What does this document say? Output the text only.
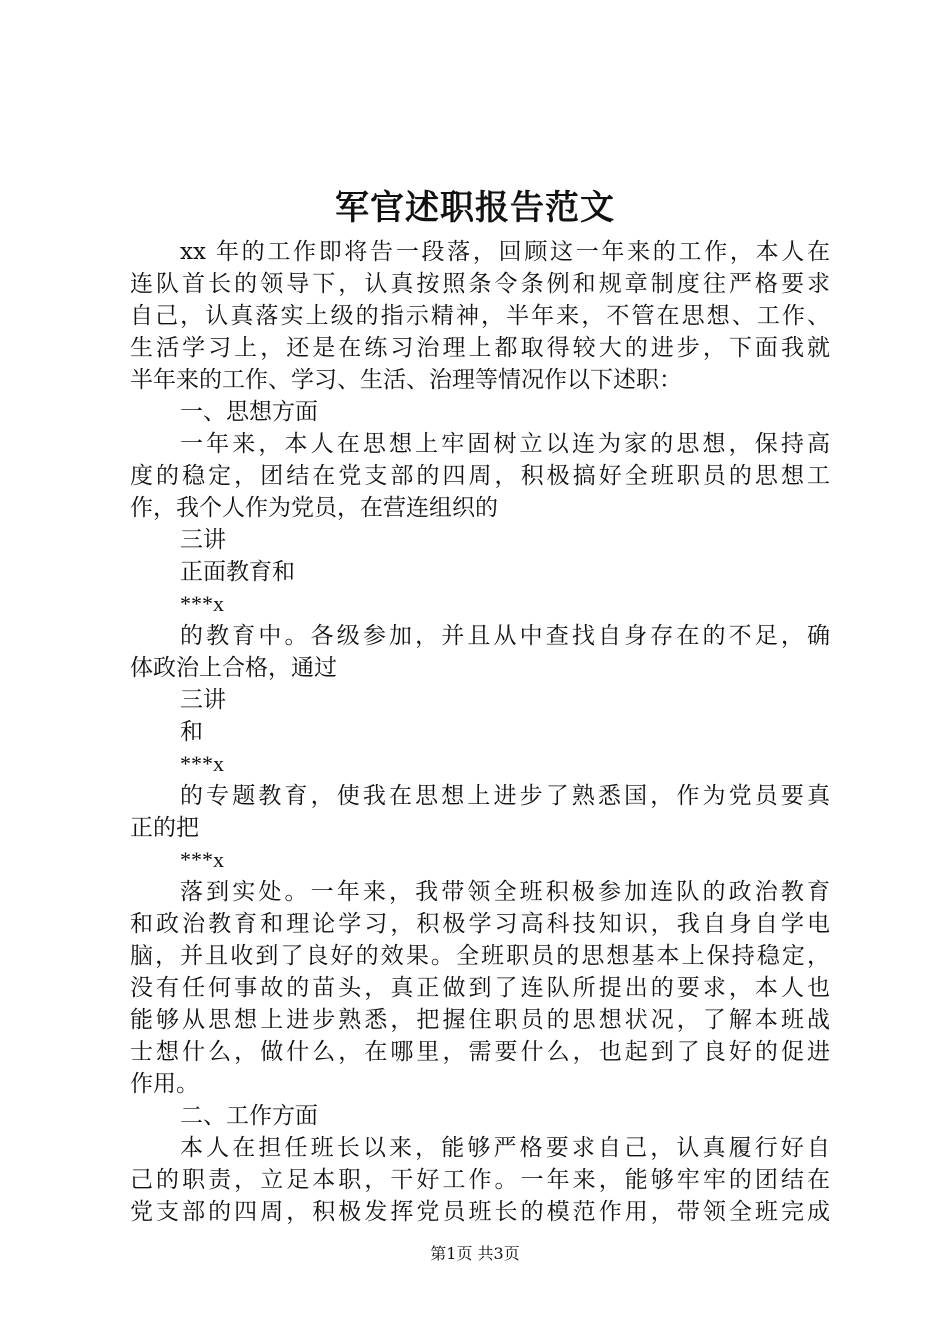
军官述职报告范文
xx 年的工作即将告一段落，回顾这一年来的工作，本人在
连队首长的领导下，认真按照条令条例和规章制度往严格要求
自己，认真落实上级的指示精神，半年来，不管在思想、工作、
生活学习上，还是在练习治理上都取得较大的进步，下面我就
半年来的工作、学习、生活、治理等情况作以下述职：
一、思想方面
一年来，本人在思想上牢固树立以连为家的思想，保持高
度的稳定，团结在党支部的四周，积极搞好全班职员的思想工
作，我个人作为党员，在营连组织的
三讲
正面教育和
***x
的教育中。各级参加，并且从中查找自身存在的不足，确
体政治上合格，通过
三讲
和
***x
的专题教育，使我在思想上进步了熟悉国，作为党员要真
正的把
***x
落到实处。一年来，我带领全班积极参加连队的政治教育
和政治教育和理论学习，积极学习高科技知识，我自身自学电
脑，并且收到了良好的效果。全班职员的思想基本上保持稳定，
没有任何事故的苗头，真正做到了连队所提出的要求，本人也
能够从思想上进步熟悉，把握住职员的思想状况，了解本班战
士想什么，做什么，在哪里，需要什么，也起到了良好的促进
作用。
二、工作方面
本人在担任班长以来，能够严格要求自己，认真履行好自
己的职责，立足本职，干好工作。一年来，能够牢牢的团结在
党支部的四周，积极发挥党员班长的模范作用，带领全班完成
第1页 共3页
